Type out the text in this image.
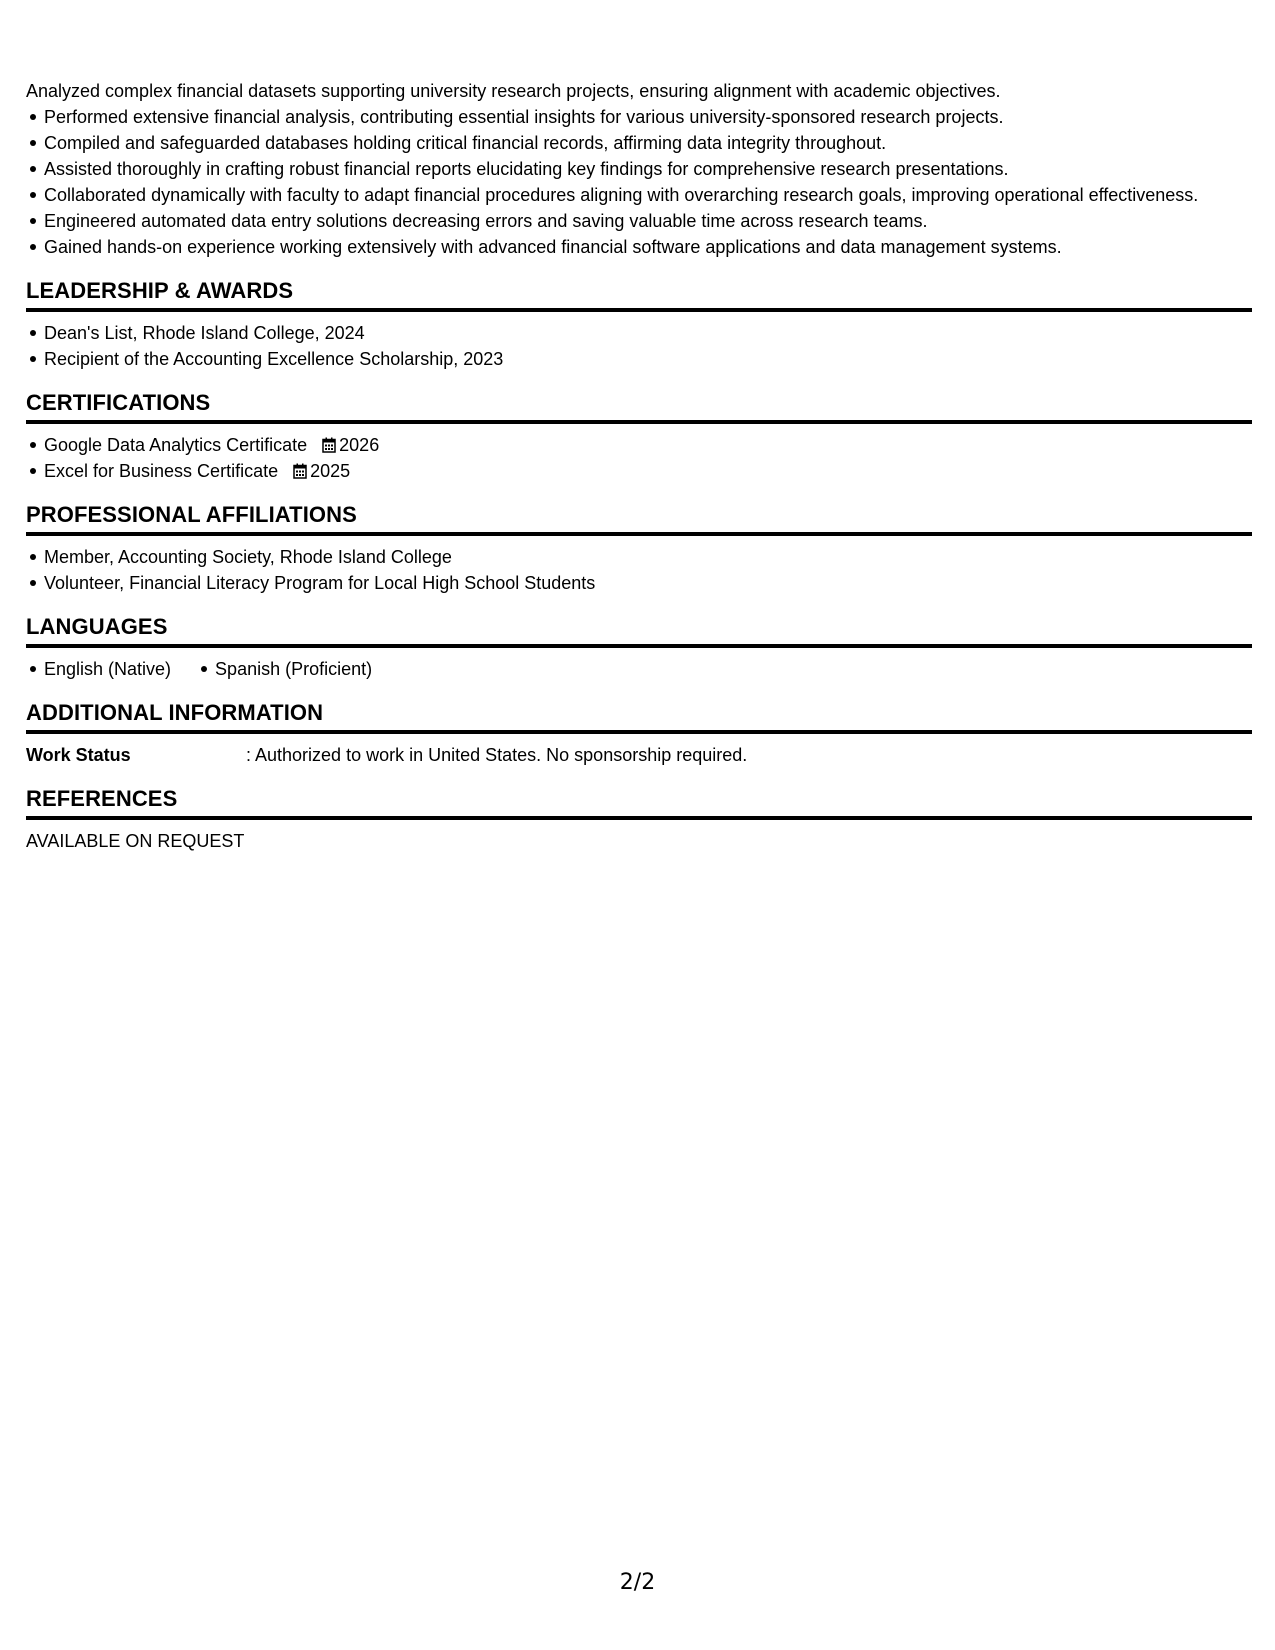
Analyzed complex financial datasets supporting university research projects, ensuring alignment with academic objectives.

Performed extensive financial analysis, contributing essential insights for various university-sponsored research projects.
Compiled and safeguarded databases holding critical financial records, affirming data integrity throughout.
Assisted thoroughly in crafting robust financial reports elucidating key findings for comprehensive research presentations.
Collaborated dynamically with faculty to adapt financial procedures aligning with overarching research goals, improving operational effectiveness.
Engineered automated data entry solutions decreasing errors and saving valuable time across research teams.
Gained hands-on experience working extensively with advanced financial software applications and data management systems.
LEADERSHIP & AWARDS
Dean's List, Rhode Island College, 2024
Recipient of the Accounting Excellence Scholarship, 2023
CERTIFICATIONS
Google Data Analytics Certificate 2026
Excel for Business Certificate 2025
PROFESSIONAL AFFILIATIONS
Member, Accounting Society, Rhode Island College
Volunteer, Financial Literacy Program for Local High School Students
LANGUAGES
English (Native) Spanish (Proficient)
ADDITIONAL INFORMATION
Work Status	: Authorized to work in United States. No sponsorship required.
REFERENCES
AVAILABLE ON REQUEST
2/2
